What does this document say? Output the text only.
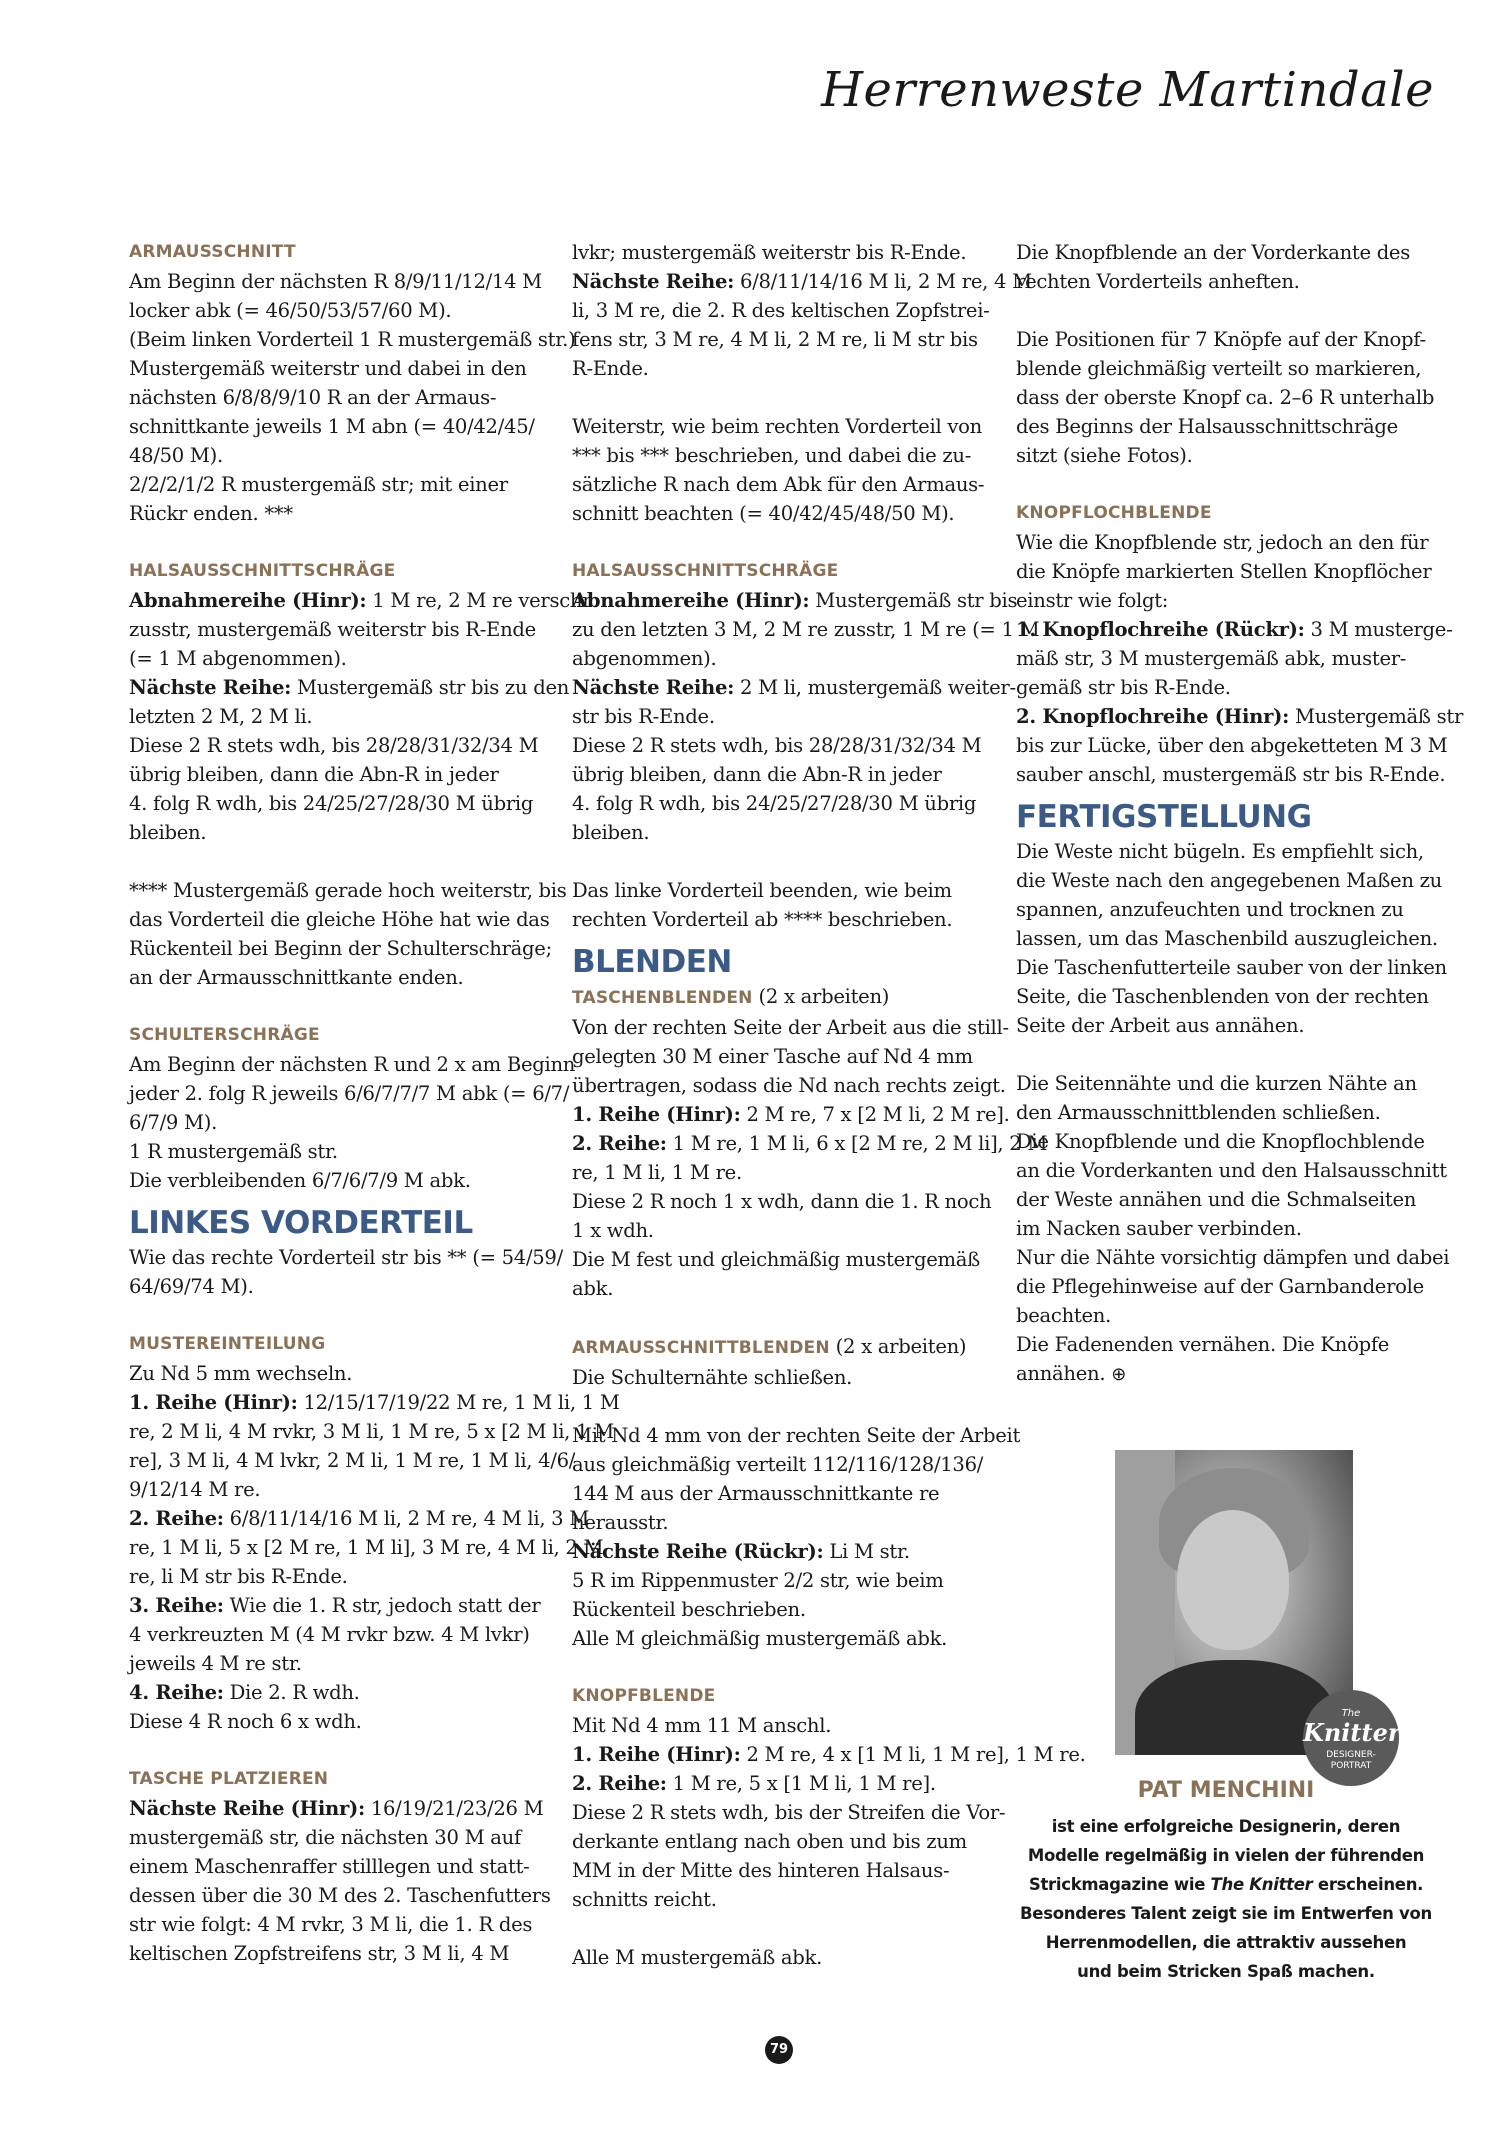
Herrenweste Martindale
ARMAUSSCHNITT
Am Beginn der nächsten R 8/9/11/12/14 M
locker abk (= 46/50/53/57/60 M).
(Beim linken Vorderteil 1 R mustergemäß str.)
Mustergemäß weiterstr und dabei in den
nächsten 6/8/8/9/10 R an der Armaus-
schnittkante jeweils 1 M abn (= 40/42/45/
48/50 M).
2/2/2/1/2 R mustergemäß str; mit einer
Rückr enden. ***
HALSAUSSCHNITTSCHRÄGE
Abnahmereihe (Hinr): 1 M re, 2 M re verschr
zusstr, mustergemäß weiterstr bis R-Ende
(= 1 M abgenommen).
Nächste Reihe: Mustergemäß str bis zu den
letzten 2 M, 2 M li.
Diese 2 R stets wdh, bis 28/28/31/32/34 M
übrig bleiben, dann die Abn-R in jeder
4. folg R wdh, bis 24/25/27/28/30 M übrig
bleiben.
**** Mustergemäß gerade hoch weiterstr, bis
das Vorderteil die gleiche Höhe hat wie das
Rückenteil bei Beginn der Schulterschräge;
an der Armausschnittkante enden.
SCHULTERSCHRÄGE
Am Beginn der nächsten R und 2 x am Beginn
jeder 2. folg R jeweils 6/6/7/7/7 M abk (= 6/7/
6/7/9 M).
1 R mustergemäß str.
Die verbleibenden 6/7/6/7/9 M abk.
LINKES VORDERTEIL
Wie das rechte Vorderteil str bis ** (= 54/59/
64/69/74 M).
MUSTEREINTEILUNG
Zu Nd 5 mm wechseln.
1. Reihe (Hinr): 12/15/17/19/22 M re, 1 M li, 1 M
re, 2 M li, 4 M rvkr, 3 M li, 1 M re, 5 x [2 M li, 1 M
re], 3 M li, 4 M lvkr, 2 M li, 1 M re, 1 M li, 4/6/
9/12/14 M re.
2. Reihe: 6/8/11/14/16 M li, 2 M re, 4 M li, 3 M
re, 1 M li, 5 x [2 M re, 1 M li], 3 M re, 4 M li, 2 M
re, li M str bis R-Ende.
3. Reihe: Wie die 1. R str, jedoch statt der
4 verkreuzten M (4 M rvkr bzw. 4 M lvkr)
jeweils 4 M re str.
4. Reihe: Die 2. R wdh.
Diese 4 R noch 6 x wdh.
TASCHE PLATZIEREN
Nächste Reihe (Hinr): 16/19/21/23/26 M
mustergemäß str, die nächsten 30 M auf
einem Maschenraffer stilllegen und statt-
dessen über die 30 M des 2. Taschenfutters
str wie folgt: 4 M rvkr, 3 M li, die 1. R des
keltischen Zopfstreifens str, 3 M li, 4 M
lvkr; mustergemäß weiterstr bis R-Ende.
Nächste Reihe: 6/8/11/14/16 M li, 2 M re, 4 M
li, 3 M re, die 2. R des keltischen Zopfstrei-
fens str, 3 M re, 4 M li, 2 M re, li M str bis
R-Ende.
Weiterstr, wie beim rechten Vorderteil von
*** bis *** beschrieben, und dabei die zu-
sätzliche R nach dem Abk für den Armaus-
schnitt beachten (= 40/42/45/48/50 M).
HALSAUSSCHNITTSCHRÄGE
Abnahmereihe (Hinr): Mustergemäß str bis
zu den letzten 3 M, 2 M re zusstr, 1 M re (= 1 M
abgenommen).
Nächste Reihe: 2 M li, mustergemäß weiter-
str bis R-Ende.
Diese 2 R stets wdh, bis 28/28/31/32/34 M
übrig bleiben, dann die Abn-R in jeder
4. folg R wdh, bis 24/25/27/28/30 M übrig
bleiben.
Das linke Vorderteil beenden, wie beim
rechten Vorderteil ab **** beschrieben.
BLENDEN
TASCHENBLENDEN (2 x arbeiten)
Von der rechten Seite der Arbeit aus die still-
gelegten 30 M einer Tasche auf Nd 4 mm
übertragen, sodass die Nd nach rechts zeigt.
1. Reihe (Hinr): 2 M re, 7 x [2 M li, 2 M re].
2. Reihe: 1 M re, 1 M li, 6 x [2 M re, 2 M li], 2 M
re, 1 M li, 1 M re.
Diese 2 R noch 1 x wdh, dann die 1. R noch
1 x wdh.
Die M fest und gleichmäßig mustergemäß
abk.
ARMAUSSCHNITTBLENDEN (2 x arbeiten)
Die Schulternähte schließen.
Mit Nd 4 mm von der rechten Seite der Arbeit
aus gleichmäßig verteilt 112/116/128/136/
144 M aus der Armausschnittkante re
herausstr.
Nächste Reihe (Rückr): Li M str.
5 R im Rippenmuster 2/2 str, wie beim
Rückenteil beschrieben.
Alle M gleichmäßig mustergemäß abk.
KNOPFBLENDE
Mit Nd 4 mm 11 M anschl.
1. Reihe (Hinr): 2 M re, 4 x [1 M li, 1 M re], 1 M re.
2. Reihe: 1 M re, 5 x [1 M li, 1 M re].
Diese 2 R stets wdh, bis der Streifen die Vor-
derkante entlang nach oben und bis zum
MM in der Mitte des hinteren Halsaus-
schnitts reicht.
Alle M mustergemäß abk.
Die Knopfblende an der Vorderkante des
rechten Vorderteils anheften.
Die Positionen für 7 Knöpfe auf der Knopf-
blende gleichmäßig verteilt so markieren,
dass der oberste Knopf ca. 2–6 R unterhalb
des Beginns der Halsausschnittschräge
sitzt (siehe Fotos).
KNOPFLOCHBLENDE
Wie die Knopfblende str, jedoch an den für
die Knöpfe markierten Stellen Knopflöcher
einstr wie folgt:
1. Knopflochreihe (Rückr): 3 M musterge-
mäß str, 3 M mustergemäß abk, muster-
gemäß str bis R-Ende.
2. Knopflochreihe (Hinr): Mustergemäß str
bis zur Lücke, über den abgeketteten M 3 M
sauber anschl, mustergemäß str bis R-Ende.
FERTIGSTELLUNG
Die Weste nicht bügeln. Es empfiehlt sich,
die Weste nach den angegebenen Maßen zu
spannen, anzufeuchten und trocknen zu
lassen, um das Maschenbild auszugleichen.
Die Taschenfutterteile sauber von der linken
Seite, die Taschenblenden von der rechten
Seite der Arbeit aus annähen.
Die Seitennähte und die kurzen Nähte an
den Armausschnittblenden schließen.
Die Knopfblende und die Knopflochblende
an die Vorderkanten und den Halsausschnitt
der Weste annähen und die Schmalseiten
im Nacken sauber verbinden.
Nur die Nähte vorsichtig dämpfen und dabei
die Pflegehinweise auf der Garnbanderole
beachten.
Die Fadenenden vernähen. Die Knöpfe
annähen. ⊕
The
Knitter
DESIGNER-
PORTRAT
PAT MENCHINI
ist eine erfolgreiche Designerin, deren
Modelle regelmäßig in vielen der führenden
Strickmagazine wie The Knitter erscheinen.
Besonderes Talent zeigt sie im Entwerfen von
Herrenmodellen, die attraktiv aussehen
und beim Stricken Spaß machen.
79
